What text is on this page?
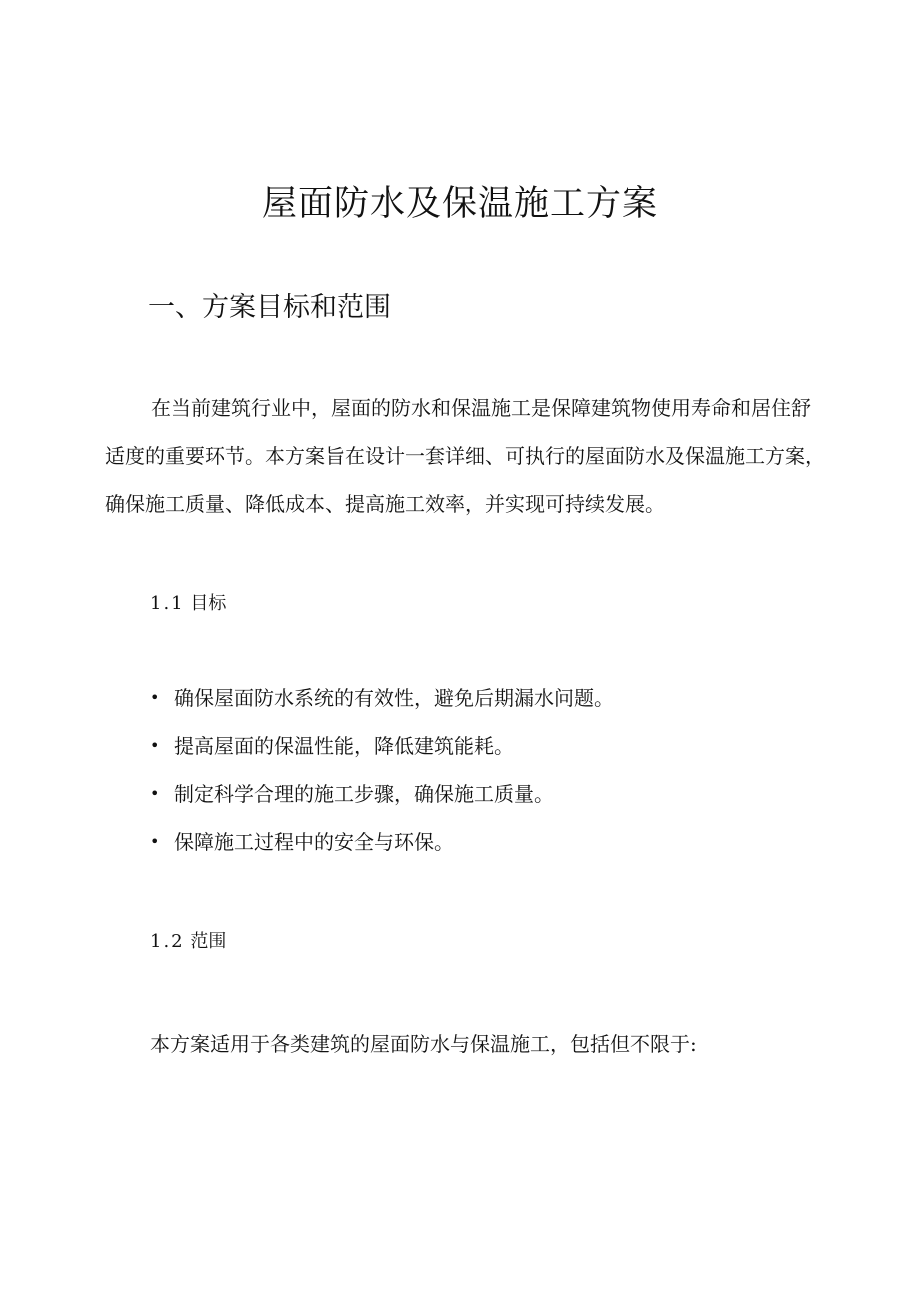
屋面防水及保温施工方案
一、方案目标和范围

在当前建筑行业中，屋面的防水和保温施工是保障建筑物使用寿命和居住舒适度的重要环节。本方案旨在设计一套详细、可执行的屋面防水及保温施工方案，确保施工质量、降低成本、提高施工效率，并实现可持续发展。

1.1 目标
• 确保屋面防水系统的有效性，避免后期漏水问题。
• 提高屋面的保温性能，降低建筑能耗。
• 制定科学合理的施工步骤，确保施工质量。
• 保障施工过程中的安全与环保。
1.2 范围

本方案适用于各类建筑的屋面防水与保温施工，包括但不限于:
